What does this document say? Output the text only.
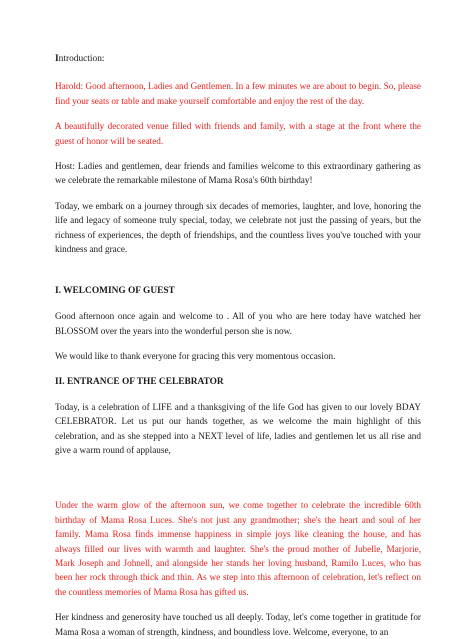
Introduction:

Harold: Good afternoon, Ladies and Gentlemen. In a few minutes we are about to begin. So, please find your seats or table and make yourself comfortable and enjoy the rest of the day.

A beautifully decorated venue filled with friends and family, with a stage at the front where the guest of honor will be seated.

Host: Ladies and gentlemen, dear friends and families welcome to this extraordinary gathering as we celebrate the remarkable milestone of Mama Rosa's 60th birthday!

Today, we embark on a journey through six decades of memories, laughter, and love, honoring the life and legacy of someone truly special, today, we celebrate not just the passing of years, but the richness of experiences, the depth of friendships, and the countless lives you've touched with your kindness and grace.

I. WELCOMING OF GUEST

Good afternoon once again and welcome to . All of you who are here today have watched her BLOSSOM over the years into the wonderful person she is now.

We would like to thank everyone for gracing this very momentous occasion.

II. ENTRANCE OF THE CELEBRATOR

Today, is a celebration of LIFE and a thanksgiving of the life God has given to our lovely BDAY CELEBRATOR. Let us put our hands together, as we welcome the main highlight of this celebration, and as she stepped into a NEXT level of life, ladies and gentlemen let us all rise and give a warm round of applause,

Under the warm glow of the afternoon sun, we come together to celebrate the incredible 60th birthday of Mama Rosa Luces. She's not just any grandmother; she's the heart and soul of her family. Mama Rosa finds immense happiness in simple joys like cleaning the house, and has always filled our lives with warmth and laughter. She's the proud mother of Jubelle, Marjorie, Mark Joseph and Johnell, and alongside her stands her loving husband, Ramilo Luces, who has been her rock through thick and thin. As we step into this afternoon of celebration, let's reflect on the countless memories of Mama Rosa has gifted us.

Her kindness and generosity have touched us all deeply. Today, let's come together in gratitude for Mama Rosa a woman of strength, kindness, and boundless love. Welcome, everyone, to an
